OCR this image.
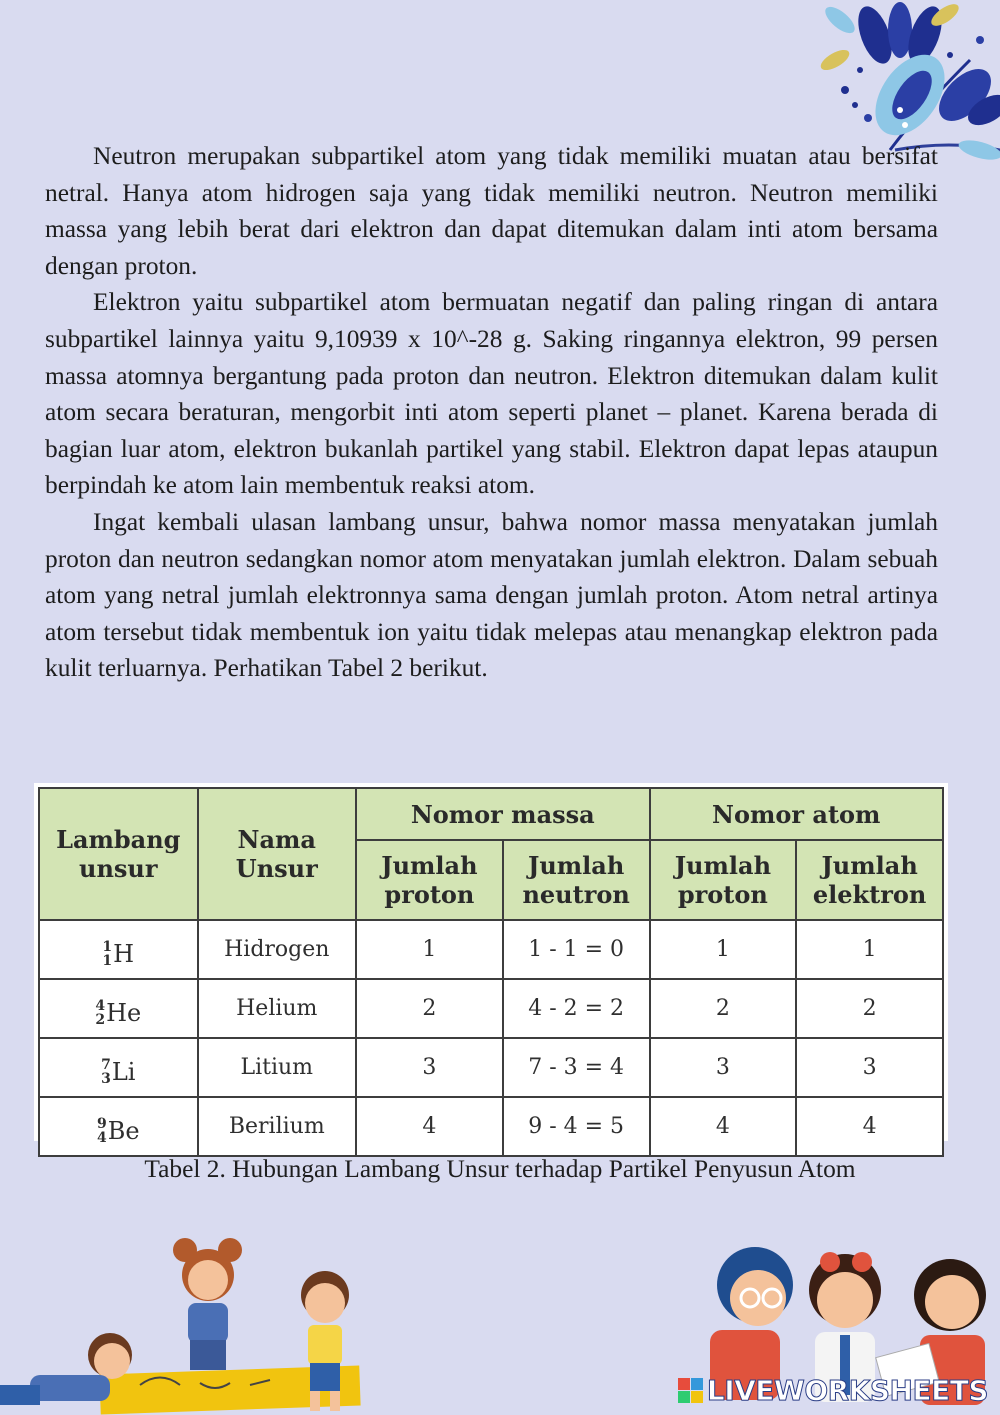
Neutron merupakan subpartikel atom yang tidak memiliki muatan atau bersifat netral. Hanya atom hidrogen saja yang tidak memiliki neutron. Neutron memiliki massa yang lebih berat dari elektron dan dapat ditemukan dalam inti atom bersama dengan proton.

Elektron yaitu subpartikel atom bermuatan negatif dan paling ringan di antara subpartikel lainnya yaitu 9,10939 x 10^-28 g. Saking ringannya elektron, 99 persen massa atomnya bergantung pada proton dan neutron. Elektron ditemukan dalam kulit atom secara beraturan, mengorbit inti atom seperti planet – planet. Karena berada di bagian luar atom, elektron bukanlah partikel yang stabil. Elektron dapat lepas ataupun berpindah ke atom lain membentuk reaksi atom.

Ingat kembali ulasan lambang unsur, bahwa nomor massa menyatakan jumlah proton dan neutron sedangkan nomor atom menyatakan jumlah elektron. Dalam sebuah atom yang netral jumlah elektronnya sama dengan jumlah proton. Atom netral artinya atom tersebut tidak membentuk ion yaitu tidak melepas atau menangkap elektron pada kulit terluarnya. Perhatikan Tabel 2 berikut.

Lambang unsur	Nama Unsur	Nomor massa		Nomor atom	
		Jumlah proton	Jumlah neutron	Jumlah proton	Jumlah elektron

1
1 H	Hidrogen	1	1 - 1 = 0	1	1

4
2 He	Helium	2	4 - 2 = 2	2	2

7
3 Li	Litium	3	7 - 3 = 4	3	3

9
4 Be	Berilium	4	9 - 4 = 5	4	4
Tabel 2. Hubungan Lambang Unsur terhadap Partikel Penyusun Atom
LIVEWORKSHEETS
